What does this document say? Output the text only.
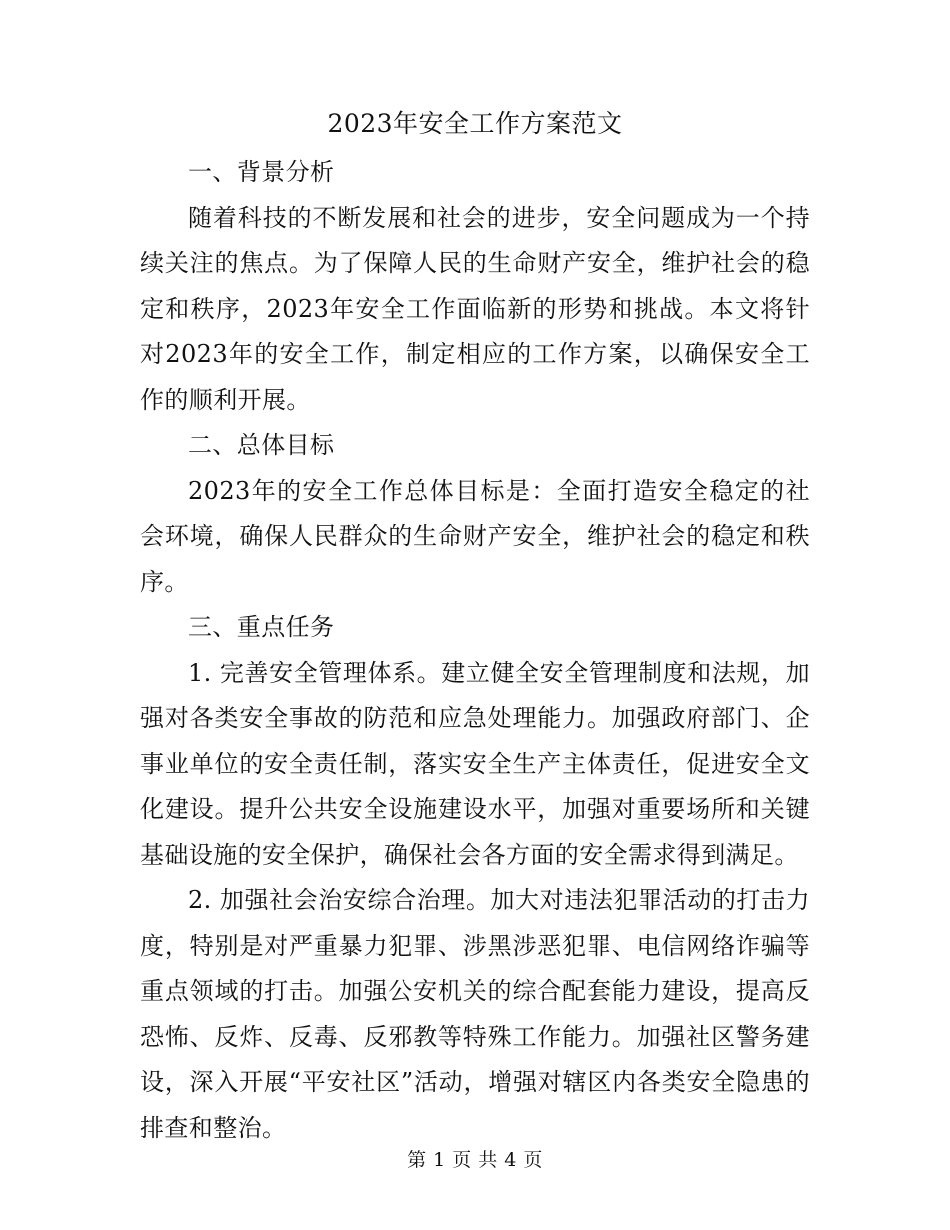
2023年安全工作方案范文

一、背景分析

随着科技的不断发展和社会的进步，安全问题成为一个持续关注的焦点。为了保障人民的生命财产安全，维护社会的稳定和秩序，2023年安全工作面临新的形势和挑战。本文将针对2023年的安全工作，制定相应的工作方案，以确保安全工作的顺利开展。

二、总体目标

2023年的安全工作总体目标是：全面打造安全稳定的社会环境，确保人民群众的生命财产安全，维护社会的稳定和秩序。

三、重点任务

1. 完善安全管理体系。建立健全安全管理制度和法规，加强对各类安全事故的防范和应急处理能力。加强政府部门、企事业单位的安全责任制，落实安全生产主体责任，促进安全文化建设。提升公共安全设施建设水平，加强对重要场所和关键基础设施的安全保护，确保社会各方面的安全需求得到满足。

2. 加强社会治安综合治理。加大对违法犯罪活动的打击力度，特别是对严重暴力犯罪、涉黑涉恶犯罪、电信网络诈骗等重点领域的打击。加强公安机关的综合配套能力建设，提高反恐怖、反炸、反毒、反邪教等特殊工作能力。加强社区警务建设，深入开展“平安社区”活动，增强对辖区内各类安全隐患的排查和整治。

第 1 页 共 4 页
